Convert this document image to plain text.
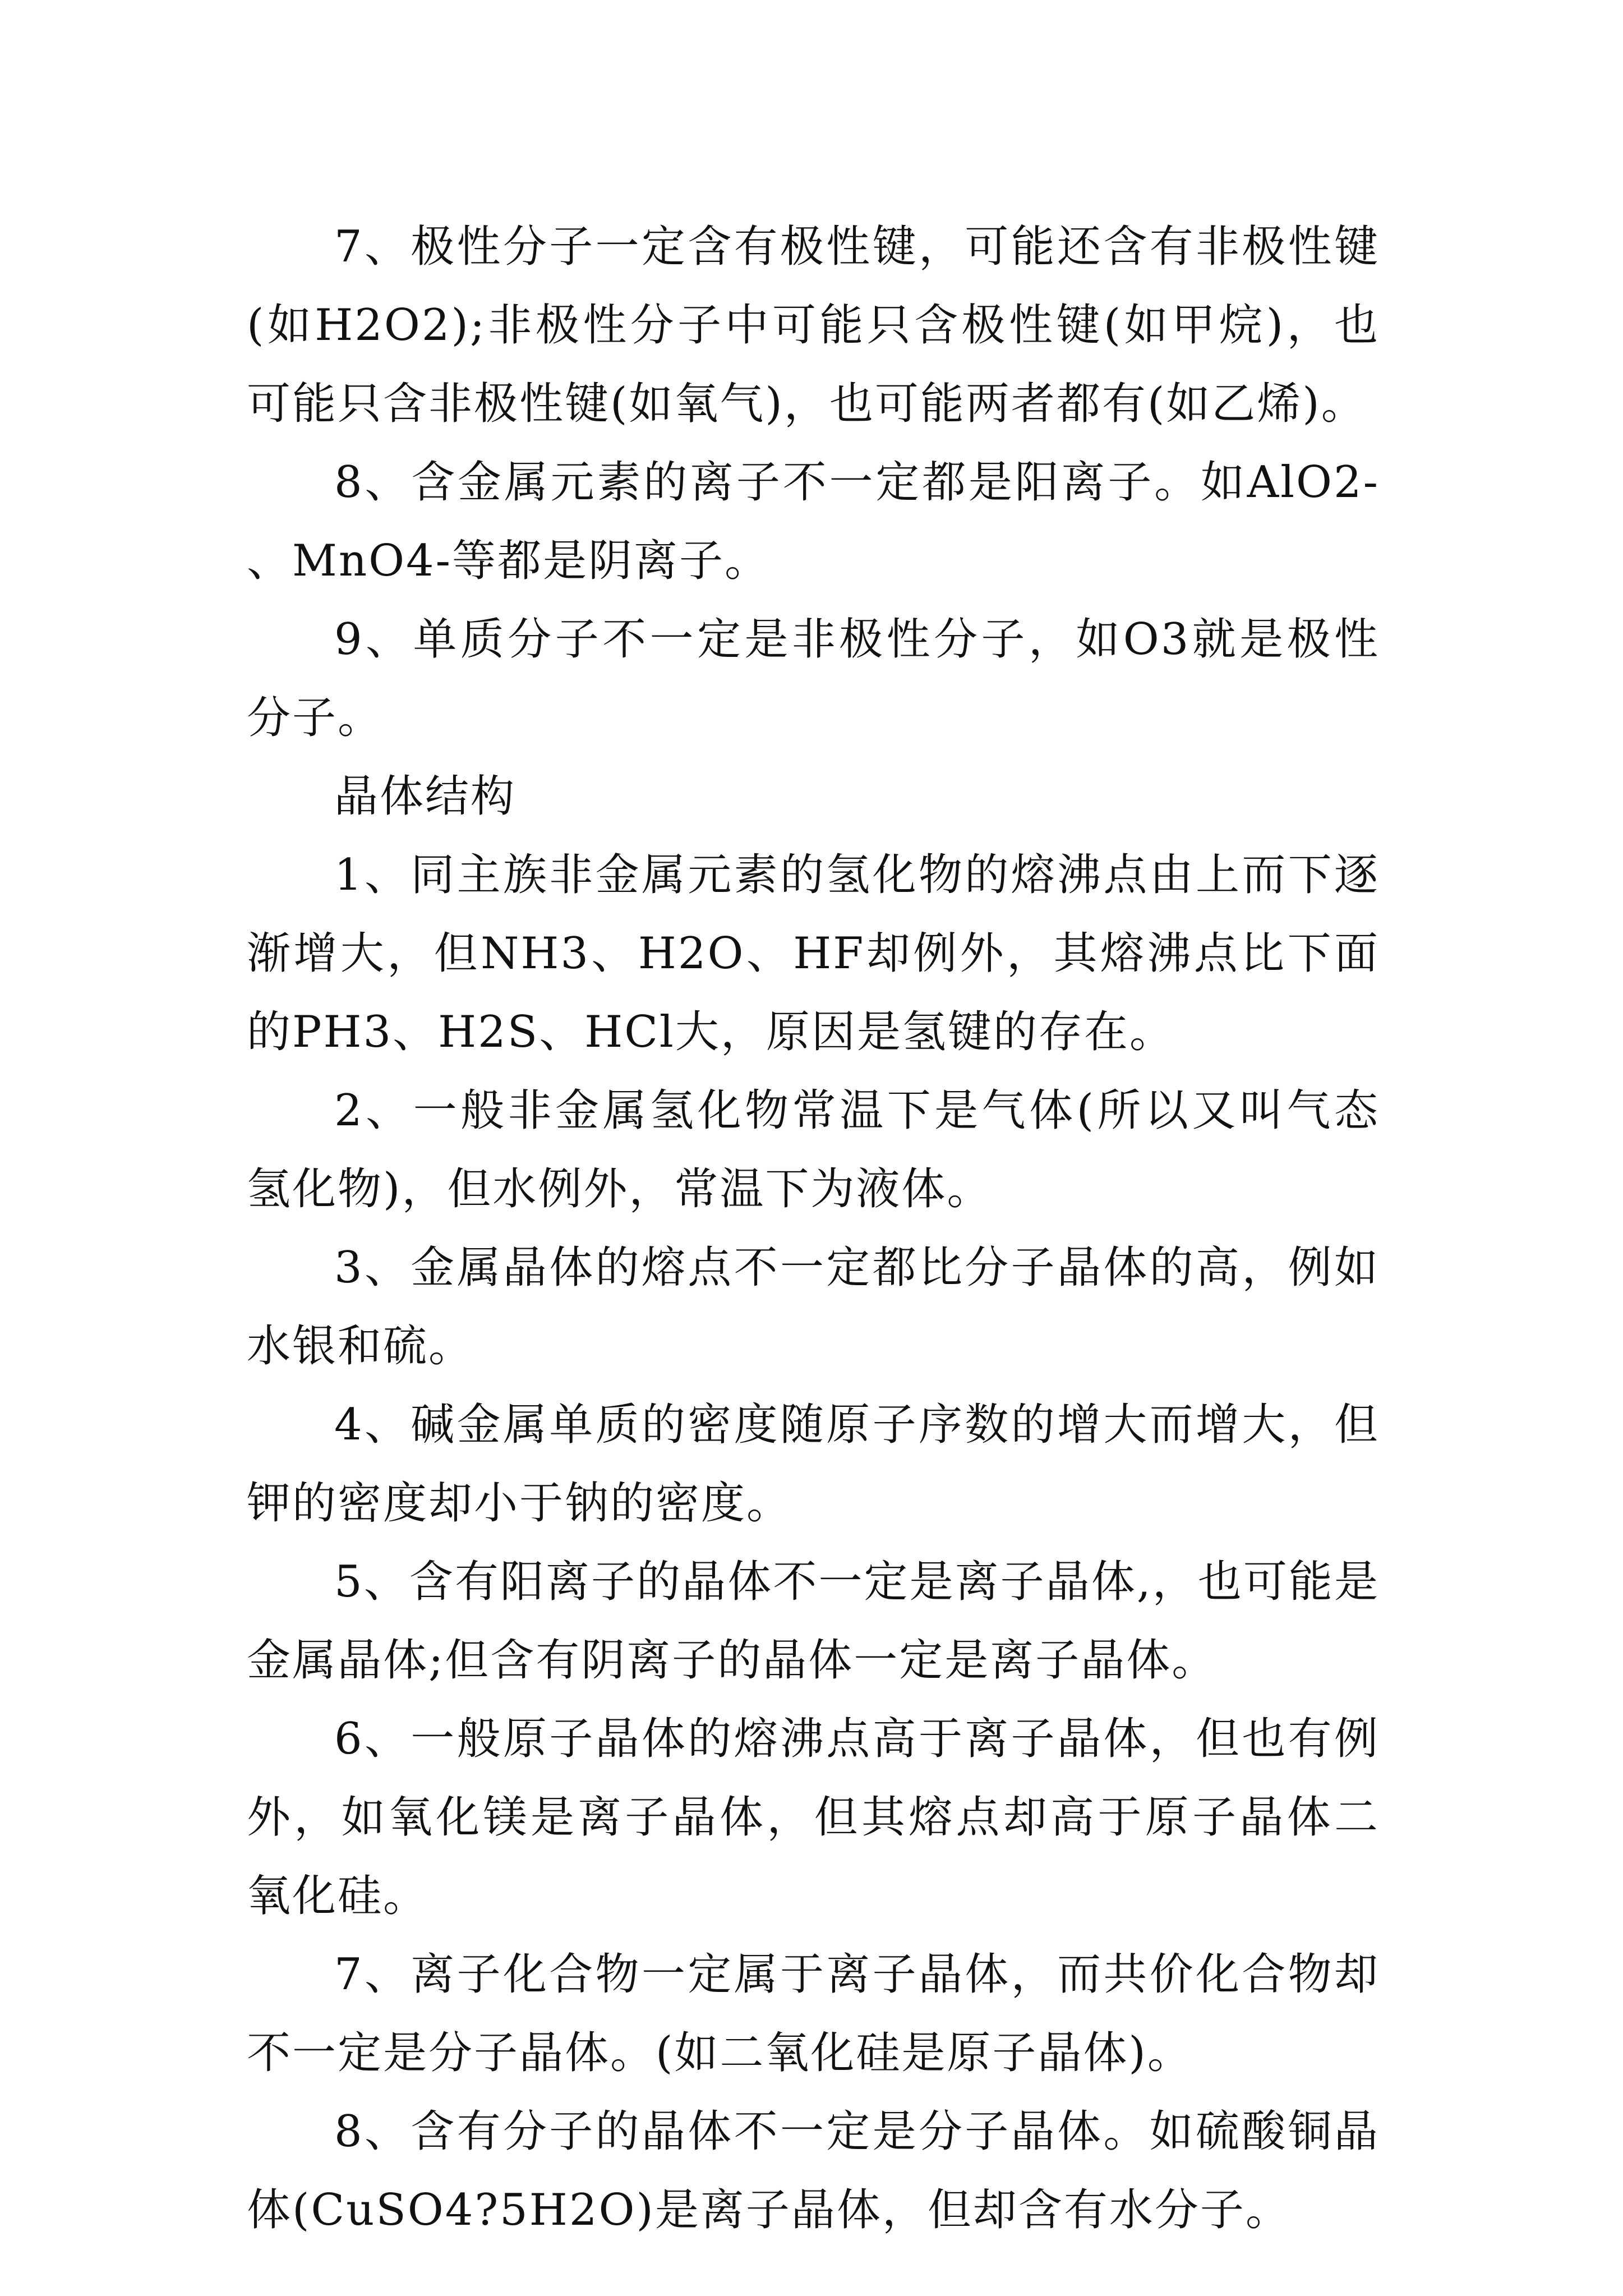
7、极性分子一定含有极性键，可能还含有非极性键(如H2O2);非极性分子中可能只含极性键(如甲烷)，也可能只含非极性键(如氧气)，也可能两者都有(如乙烯)。

8、含金属元素的离子不一定都是阳离子。如AlO2-、MnO4-等都是阴离子。

9、单质分子不一定是非极性分子，如O3就是极性分子。

晶体结构

1、同主族非金属元素的氢化物的熔沸点由上而下逐渐增大，但NH3、H2O、HF却例外，其熔沸点比下面的PH3、H2S、HCl大，原因是氢键的存在。

2、一般非金属氢化物常温下是气体(所以又叫气态氢化物)，但水例外，常温下为液体。

3、金属晶体的熔点不一定都比分子晶体的高，例如水银和硫。

4、碱金属单质的密度随原子序数的增大而增大，但钾的密度却小于钠的密度。

5、含有阳离子的晶体不一定是离子晶体,，也可能是金属晶体;但含有阴离子的晶体一定是离子晶体。

6、一般原子晶体的熔沸点高于离子晶体，但也有例外，如氧化镁是离子晶体，但其熔点却高于原子晶体二氧化硅。

7、离子化合物一定属于离子晶体，而共价化合物却不一定是分子晶体。(如二氧化硅是原子晶体)。

8、含有分子的晶体不一定是分子晶体。如硫酸铜晶体(CuSO4?5H2O)是离子晶体，但却含有水分子。
